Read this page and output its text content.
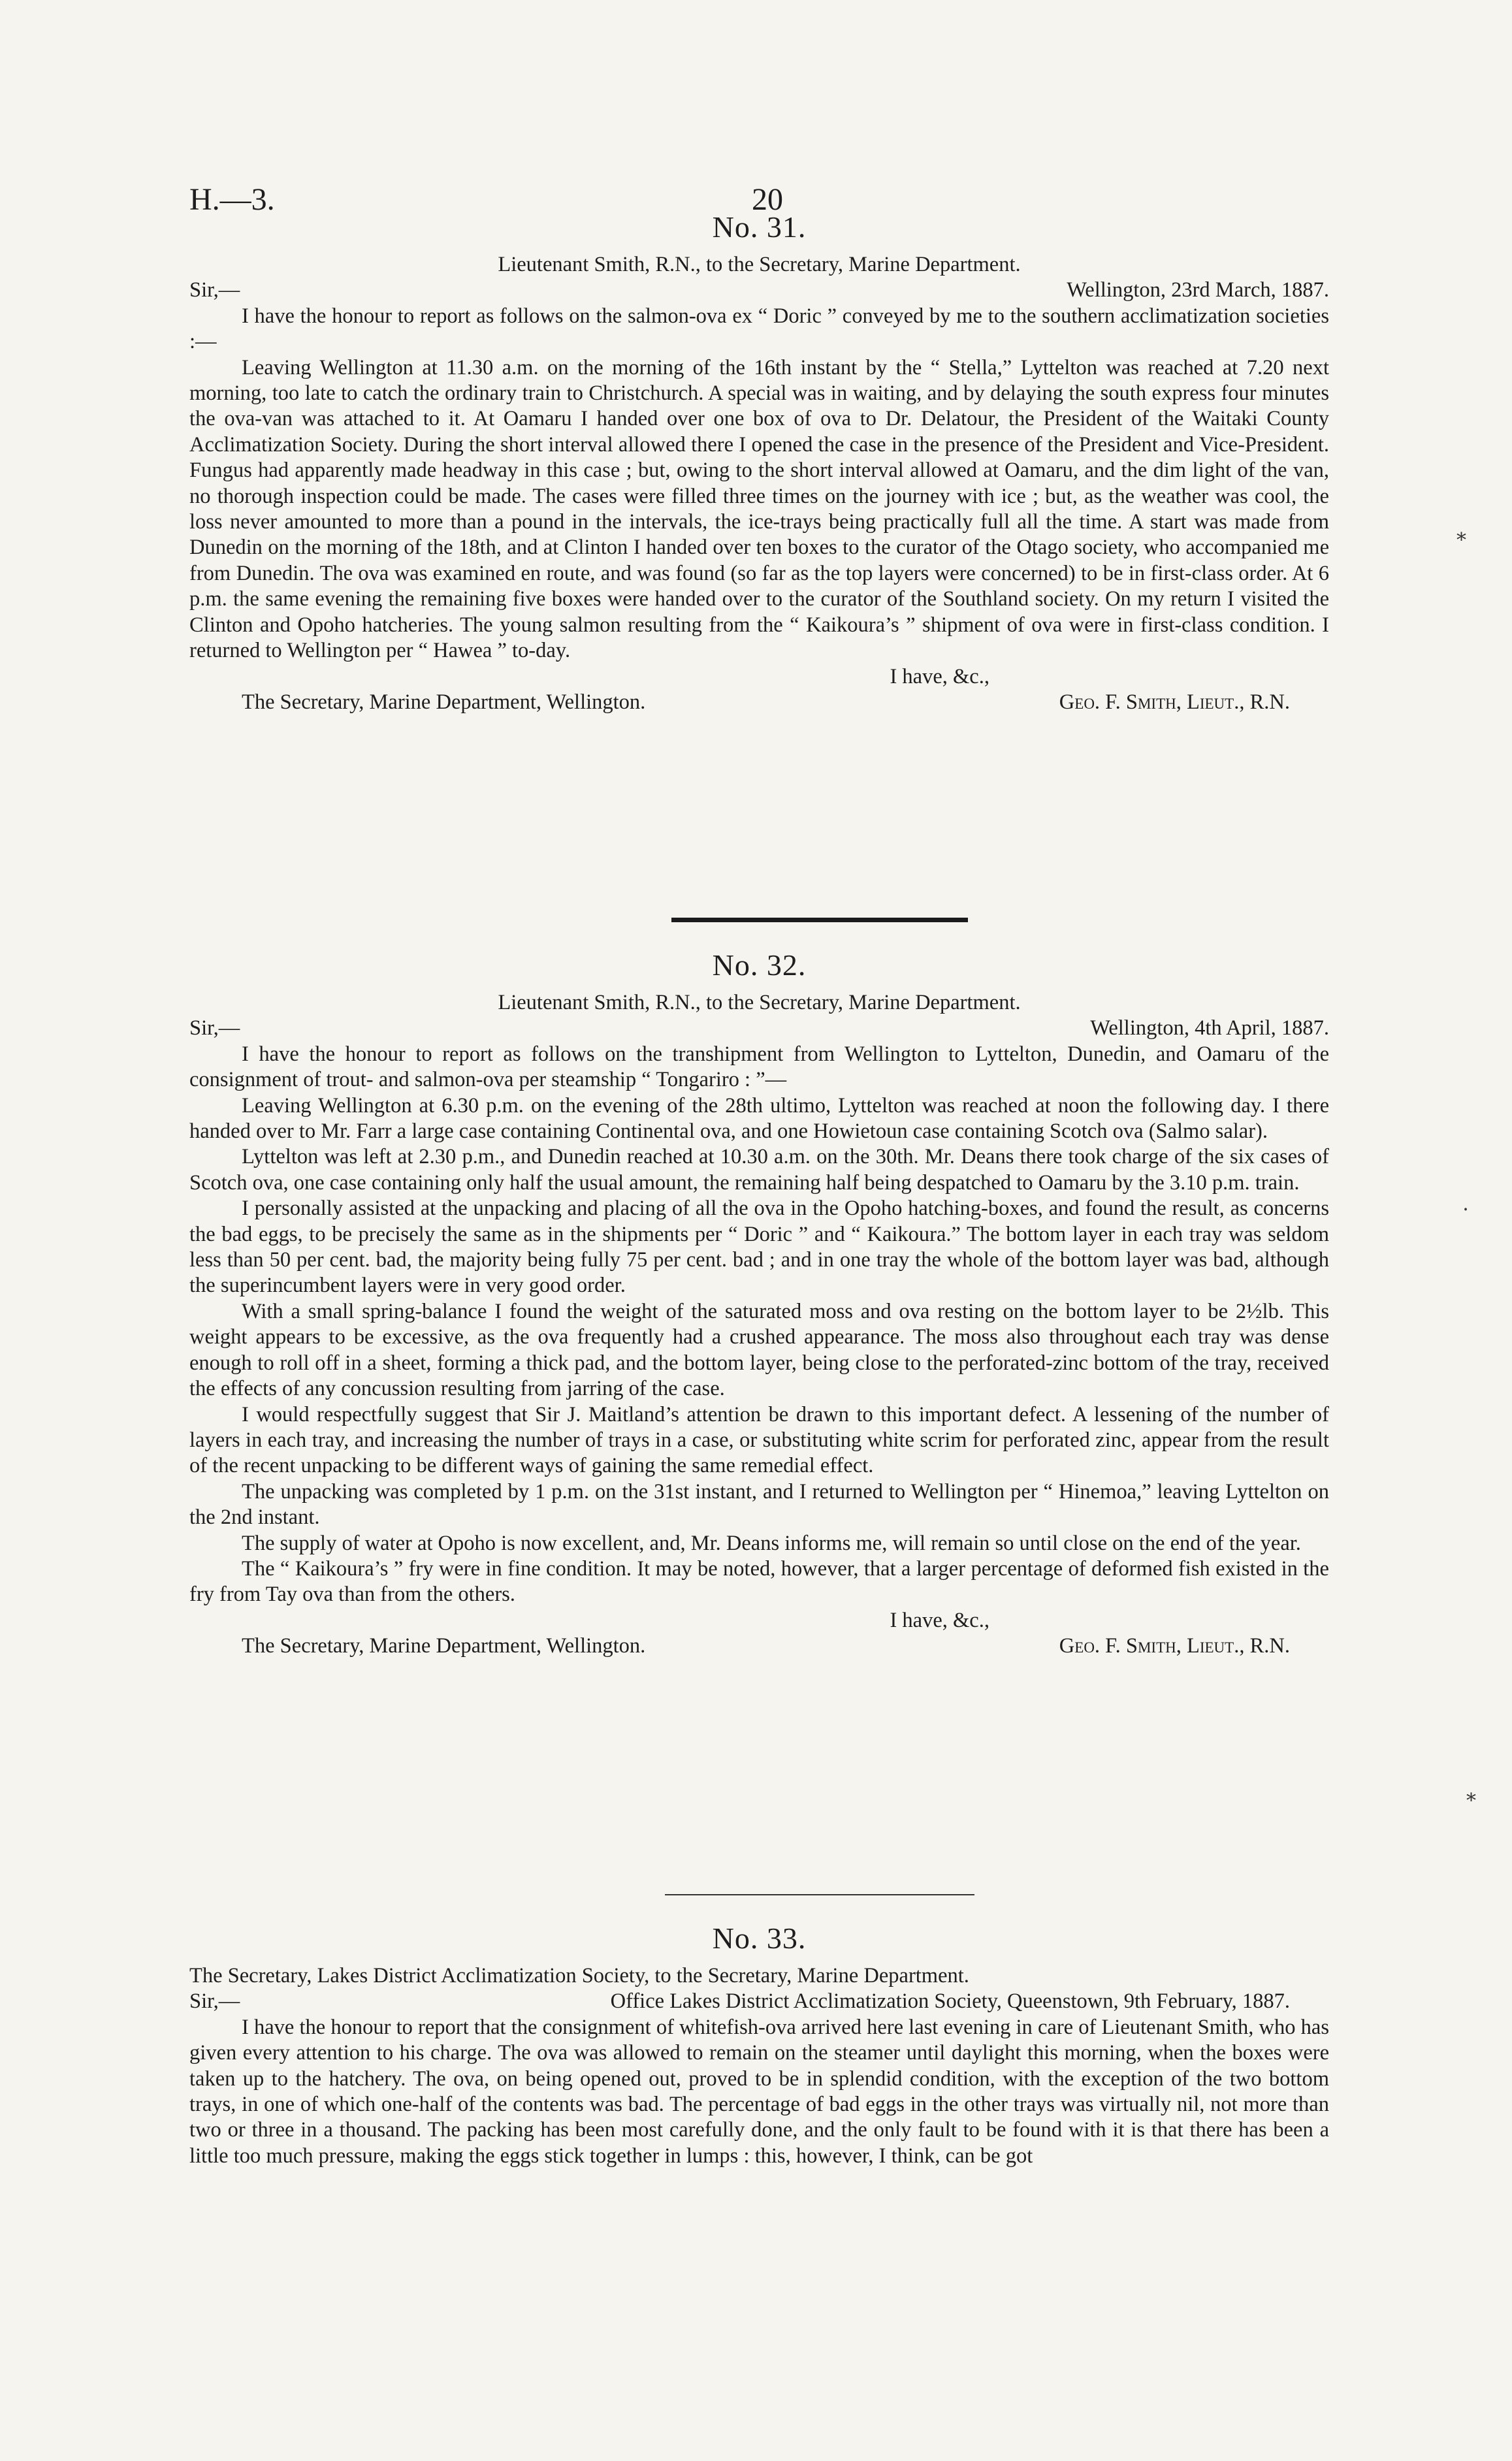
H.—3.	20
No. 31.
Lieutenant Smith, R.N., to the Secretary, Marine Department.
Sir,—	Wellington, 23rd March, 1887.

I have the honour to report as follows on the salmon-ova ex “ Doric ” conveyed by me to the southern acclimatization societies :—

Leaving Wellington at 11.30 a.m. on the morning of the 16th instant by the “ Stella,” Lyttelton was reached at 7.20 next morning, too late to catch the ordinary train to Christchurch. A special was in waiting, and by delaying the south express four minutes the ova-van was attached to it. At Oamaru I handed over one box of ova to Dr. Delatour, the President of the Waitaki County Acclimatization Society. During the short interval allowed there I opened the case in the presence of the President and Vice-President. Fungus had apparently made headway in this case ; but, owing to the short interval allowed at Oamaru, and the dim light of the van, no thorough inspection could be made. The cases were filled three times on the journey with ice ; but, as the weather was cool, the loss never amounted to more than a pound in the intervals, the ice-trays being practically full all the time. A start was made from Dunedin on the morning of the 18th, and at Clinton I handed over ten boxes to the curator of the Otago society, who accompanied me from Dunedin. The ova was examined en route, and was found (so far as the top layers were concerned) to be in first-class order. At 6 p.m. the same evening the remaining five boxes were handed over to the curator of the Southland society. On my return I visited the Clinton and Opoho hatcheries. The young salmon resulting from the “ Kaikoura’s ” shipment of ova were in first-class condition. I returned to Wellington per “ Hawea ” to-day.

I have, &c.,
The Secretary, Marine Department, Wellington.	Geo. F. Smith, Lieut., R.N.
No. 32.
Lieutenant Smith, R.N., to the Secretary, Marine Department.
Sir,—	Wellington, 4th April, 1887.

I have the honour to report as follows on the transhipment from Wellington to Lyttelton, Dunedin, and Oamaru of the consignment of trout- and salmon-ova per steamship “ Tongariro : ”—

Leaving Wellington at 6.30 p.m. on the evening of the 28th ultimo, Lyttelton was reached at noon the following day. I there handed over to Mr. Farr a large case containing Continental ova, and one Howietoun case containing Scotch ova (Salmo salar).

Lyttelton was left at 2.30 p.m., and Dunedin reached at 10.30 a.m. on the 30th. Mr. Deans there took charge of the six cases of Scotch ova, one case containing only half the usual amount, the remaining half being despatched to Oamaru by the 3.10 p.m. train.

I personally assisted at the unpacking and placing of all the ova in the Opoho hatching-boxes, and found the result, as concerns the bad eggs, to be precisely the same as in the shipments per “ Doric ” and “ Kaikoura.” The bottom layer in each tray was seldom less than 50 per cent. bad, the majority being fully 75 per cent. bad ; and in one tray the whole of the bottom layer was bad, although the superincumbent layers were in very good order.

With a small spring-balance I found the weight of the saturated moss and ova resting on the bottom layer to be 2½lb. This weight appears to be excessive, as the ova frequently had a crushed appearance. The moss also throughout each tray was dense enough to roll off in a sheet, forming a thick pad, and the bottom layer, being close to the perforated-zinc bottom of the tray, received the effects of any concussion resulting from jarring of the case.

I would respectfully suggest that Sir J. Maitland’s attention be drawn to this important defect. A lessening of the number of layers in each tray, and increasing the number of trays in a case, or substituting white scrim for perforated zinc, appear from the result of the recent unpacking to be different ways of gaining the same remedial effect.

The unpacking was completed by 1 p.m. on the 31st instant, and I returned to Wellington per “ Hinemoa,” leaving Lyttelton on the 2nd instant.

The supply of water at Opoho is now excellent, and, Mr. Deans informs me, will remain so until close on the end of the year.

The “ Kaikoura’s ” fry were in fine condition. It may be noted, however, that a larger percentage of deformed fish existed in the fry from Tay ova than from the others.

I have, &c.,
The Secretary, Marine Department, Wellington.	Geo. F. Smith, Lieut., R.N.
No. 33.
The Secretary, Lakes District Acclimatization Society, to the Secretary, Marine Department.
Sir,—	Office Lakes District Acclimatization Society, Queenstown, 9th February, 1887.

I have the honour to report that the consignment of whitefish-ova arrived here last evening in care of Lieutenant Smith, who has given every attention to his charge. The ova was allowed to remain on the steamer until daylight this morning, when the boxes were taken up to the hatchery. The ova, on being opened out, proved to be in splendid condition, with the exception of the two bottom trays, in one of which one-half of the contents was bad. The percentage of bad eggs in the other trays was virtually nil, not more than two or three in a thousand. The packing has been most carefully done, and the only fault to be found with it is that there has been a little too much pressure, making the eggs stick together in lumps : this, however, I think, can be got

⁎
⸱
⁎
